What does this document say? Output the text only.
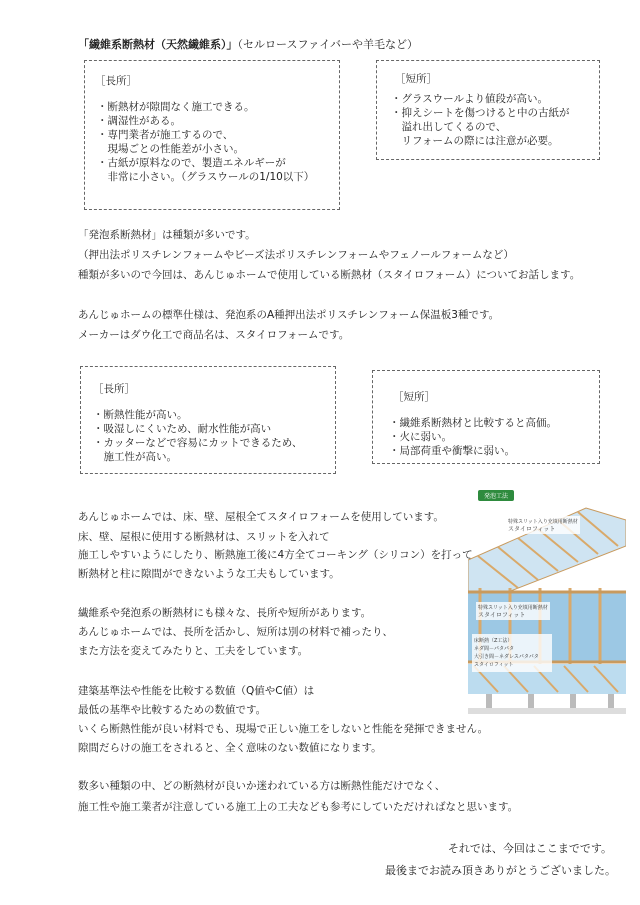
「繊維系断熱材（天然繊維系）」（セルロースファイバーや羊毛など）
［長所］
・断熱材が隙間なく施工できる。
・調湿性がある。
・専門業者が施工するので、
　現場ごとの性能差が小さい。
・古紙が原料なので、製造エネルギーが
　非常に小さい。（グラスウールの1/10以下）
［短所］
・グラスウールより値段が高い。
・抑えシートを傷つけると中の古紙が
　溢れ出してくるので、
　リフォームの際には注意が必要。
「発泡系断熱材」は種類が多いです。
（押出法ポリスチレンフォームやビーズ法ポリスチレンフォームやフェノールフォームなど）
種類が多いので今回は、あんじゅホームで使用している断熱材（スタイロフォーム）についてお話します。
あんじゅホームの標準仕様は、発泡系のA種押出法ポリスチレンフォーム保温板3種です。
メーカーはダウ化工で商品名は、スタイロフォームです。
［長所］
・断熱性能が高い。
・吸湿しにくいため、耐水性能が高い
・カッターなどで容易にカットできるため、
　施工性が高い。
［短所］
・繊維系断熱材と比較すると高価。
・火に弱い。
・局部荷重や衝撃に弱い。
あんじゅホームでは、床、壁、屋根全てスタイロフォームを使用しています。
床、壁、屋根に使用する断熱材は、スリットを入れて
施工しやすいようにしたり、断熱施工後に4方全てコーキング（シリコン）を打って
断熱材と柱に隙間ができないような工夫もしています。
繊維系や発泡系の断熱材にも様々な、長所や短所があります。
あんじゅホームでは、長所を活かし、短所は別の材料で補ったり、
また方法を変えてみたりと、工夫をしています。
建築基準法や性能を比較する数値（Q値やC値）は
最低の基準や比較するための数値です。
いくら断熱性能が良い材料でも、現場で正しい施工をしないと性能を発揮できません。
隙間だらけの施工をされると、全く意味のない数値になります。
数多い種類の中、どの断熱材が良いか迷われている方は断熱性能だけでなく、
施工性や施工業者が注意している施工上の工夫なども参考にしていただければなと思います。
それでは、今回はここまでです。
最後までお読み頂きありがとうございました。
発泡工法
特殊スリット入り充填用断熱材
スタイロフィット
特殊スリット入り充填用断熱材
スタイロフィット
床断熱（Z工法）
ネダ間－パタパタ
大引き間－ネダレスパタパタ
スタイロフィット
